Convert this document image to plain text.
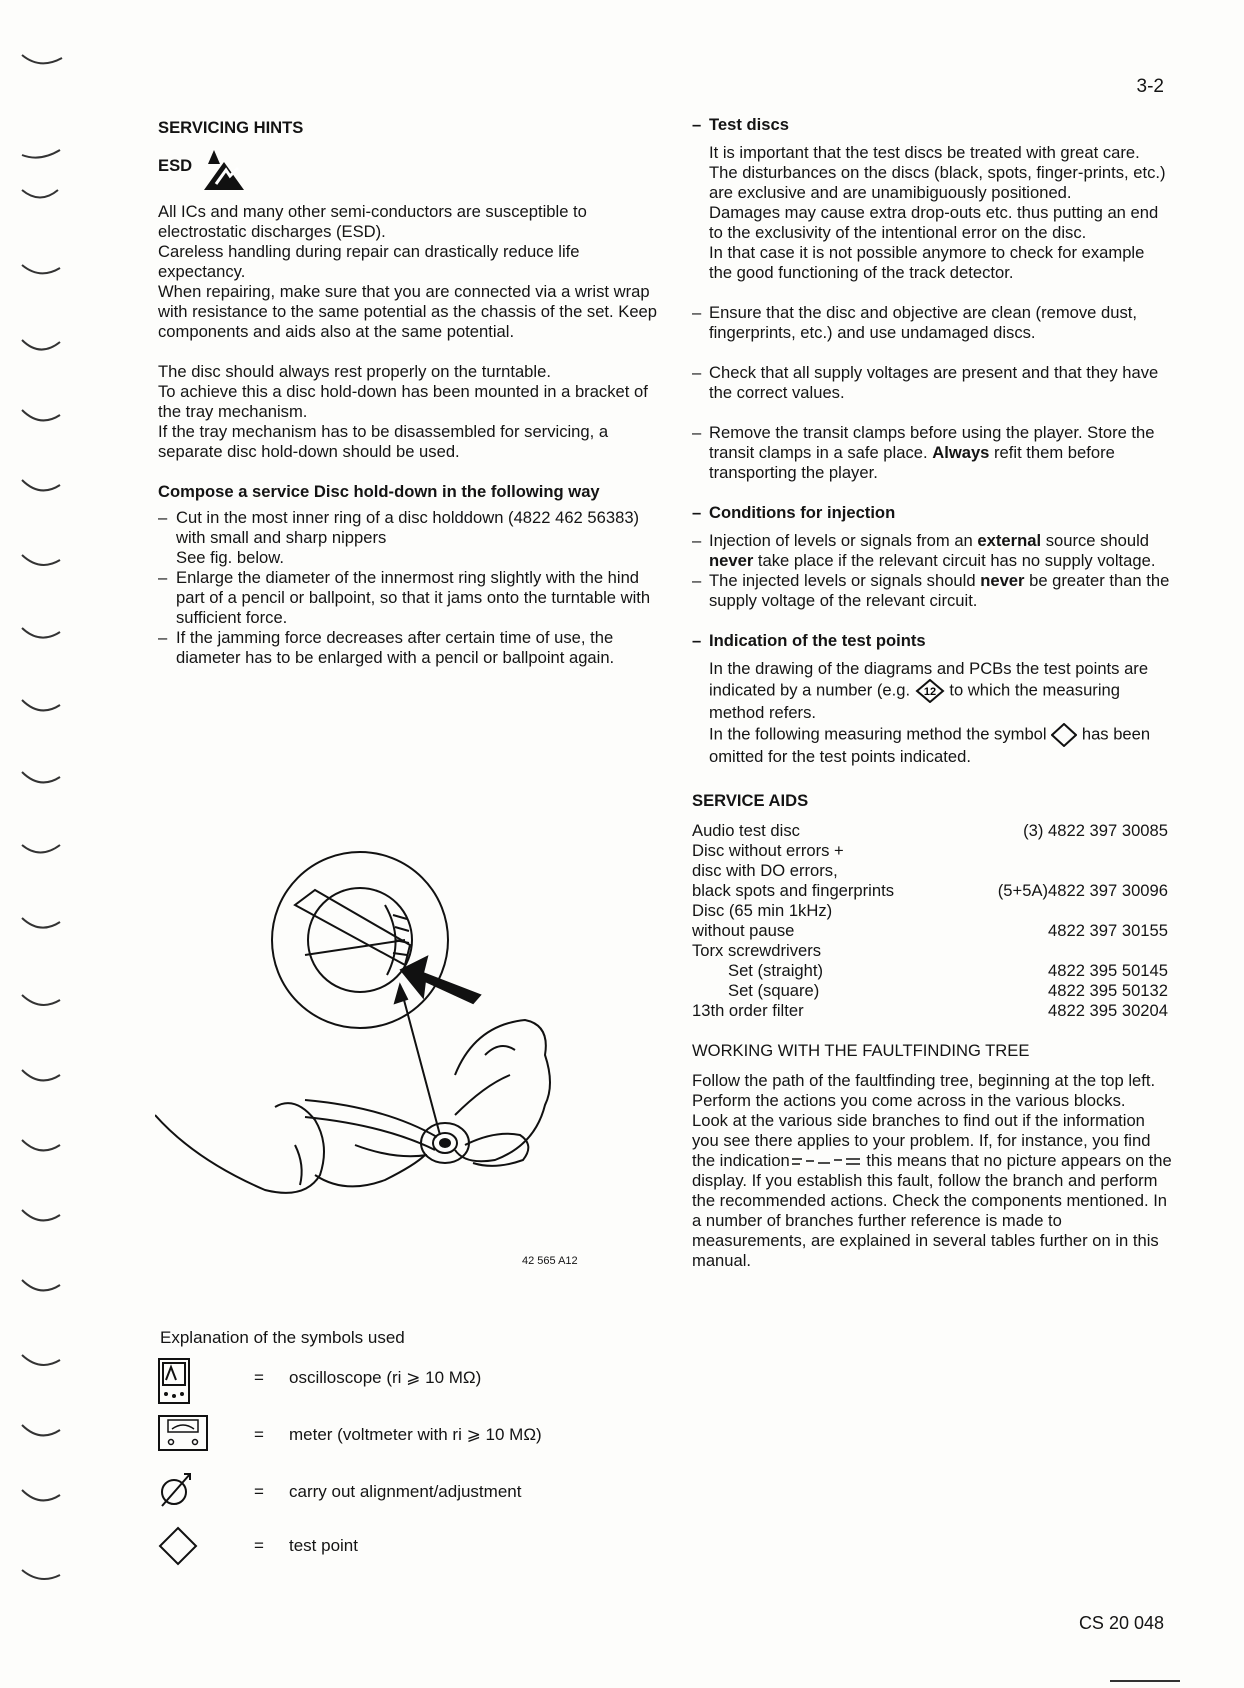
3-2

SERVICING HINTS

ESD

All ICs and many other semi-conductors are susceptible to electrostatic discharges (ESD).

Careless handling during repair can drastically reduce life expectancy.

When repairing, make sure that you are connected via a wrist wrap with resistance to the same potential as the chassis of the set. Keep components and aids also at the same potential.

The disc should always rest properly on the turntable.

To achieve this a disc hold-down has been mounted in a bracket of the tray mechanism.

If the tray mechanism has to be disassembled for servicing, a separate disc hold-down should be used.

Compose a service Disc hold-down in the following way

– Cut in the most inner ring of a disc holddown (4822 462 56383) with small and sharp nippers
See fig. below.
– Enlarge the diameter of the innermost ring slightly with the hind part of a pencil or ballpoint, so that it jams onto the turntable with sufficient force.
– If the jamming force decreases after certain time of use, the diameter has to be enlarged with a pencil or ballpoint again.
42 565 A12
Explanation of the symbols used
= oscilloscope (ri ⩾ 10 MΩ)
= meter (voltmeter with ri ⩾ 10 MΩ)
= carry out alignment/adjustment
= test point
– Test discs

It is important that the test discs be treated with great care.

The disturbances on the discs (black, spots, finger-prints, etc.) are exclusive and are unamibiguously positioned.

Damages may cause extra drop-outs etc. thus putting an end to the exclusivity of the intentional error on the disc.

In that case it is not possible anymore to check for example the good functioning of the track detector.

– Ensure that the disc and objective are clean (remove dust, fingerprints, etc.) and use undamaged discs.

– Check that all supply voltages are present and that they have the correct values.

– Remove the transit clamps before using the player. Store the transit clamps in a safe place. Always refit them before transporting the player.

– Conditions for injection

– Injection of levels or signals from an external source should never take place if the relevant circuit has no supply voltage.

– The injected levels or signals should never be greater than the supply voltage of the relevant circuit.

– Indication of the test points

In the drawing of the diagrams and PCBs the test points are indicated by a number (e.g. 12 to which the measuring method refers.

In the following measuring method the symbol has been omitted for the test points indicated.

SERVICE AIDS

Audio test disc	(3) 4822 397 30085
Disc without errors +	
disc with DO errors,	
black spots and fingerprints	(5+5A)4822 397 30096
Disc (65 min 1kHz)	
without pause	4822 397 30155
Torx screwdrivers	
Set (straight)	4822 395 50145
Set (square)	4822 395 50132
13th order filter	4822 395 30204

WORKING WITH THE FAULTFINDING TREE

Follow the path of the faultfinding tree, beginning at the top left. Perform the actions you come across in the various blocks.

Look at the various side branches to find out if the information you see there applies to your problem. If, for instance, you find the indication	this means that no picture appears on the display. If you establish this fault, follow the branch and perform the recommended actions. Check the components mentioned. In a number of branches further reference is made to measurements, are explained in several tables further on in this manual.

CS 20 048
